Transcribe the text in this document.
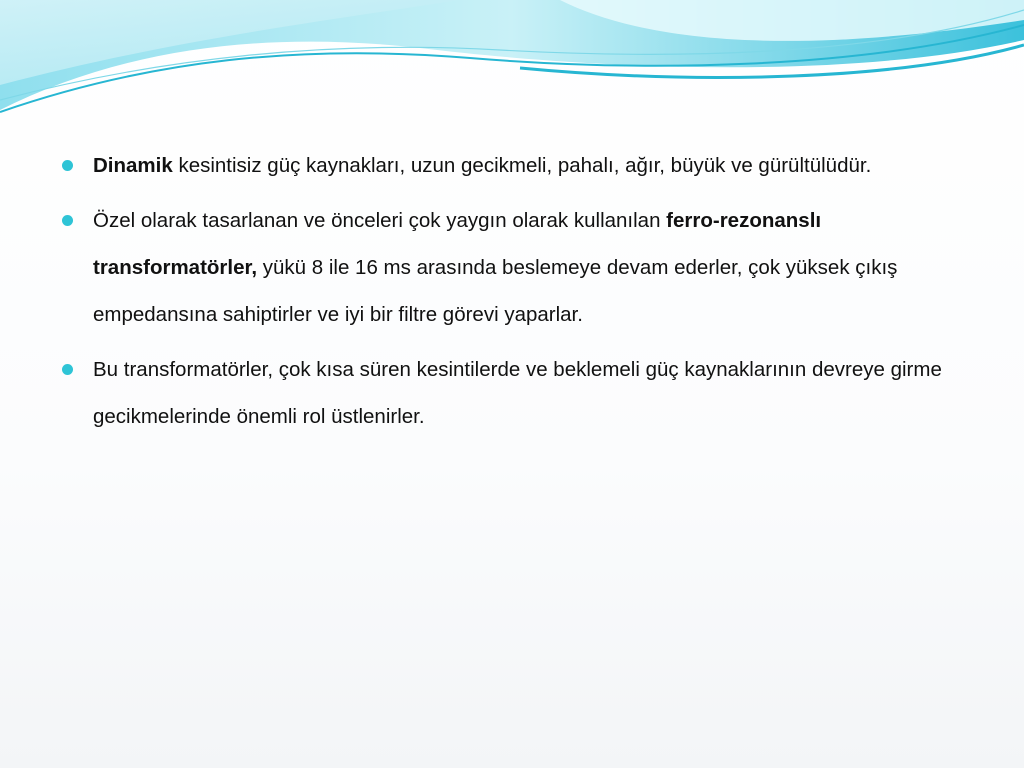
Dinamik kesintisiz güç kaynakları, uzun gecikmeli, pahalı, ağır, büyük ve gürültülüdür.
Özel olarak tasarlanan ve önceleri çok yaygın olarak kullanılan ferro-rezonanslı transformatörler, yükü 8 ile 16 ms arasında beslemeye devam ederler, çok yüksek çıkış empedansına sahiptirler ve iyi bir filtre görevi yaparlar.
Bu transformatörler, çok kısa süren kesintilerde ve beklemeli güç kaynaklarının devreye girme gecikmelerinde önemli rol üstlenirler.
